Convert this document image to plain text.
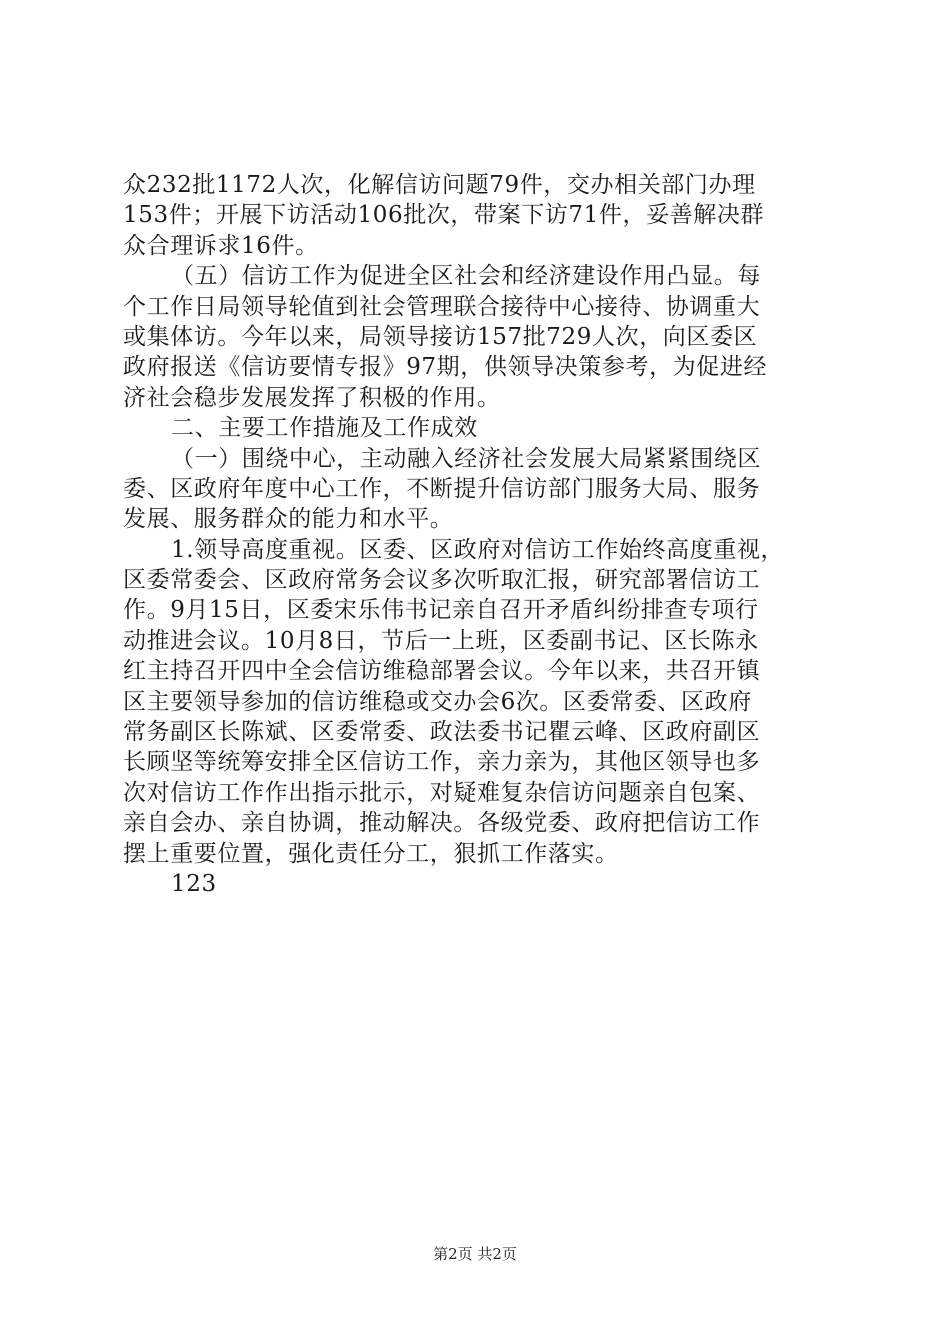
众232批1172人次，化解信访问题79件，交办相关部门办理
153件；开展下访活动106批次，带案下访71件，妥善解决群
众合理诉求16件。
（五）信访工作为促进全区社会和经济建设作用凸显。每
个工作日局领导轮值到社会管理联合接待中心接待、协调重大
或集体访。今年以来，局领导接访157批729人次，向区委区
政府报送《信访要情专报》97期，供领导决策参考，为促进经
济社会稳步发展发挥了积极的作用。
二、主要工作措施及工作成效
（一）围绕中心，主动融入经济社会发展大局紧紧围绕区
委、区政府年度中心工作，不断提升信访部门服务大局、服务
发展、服务群众的能力和水平。
1.领导高度重视。区委、区政府对信访工作始终高度重视，
区委常委会、区政府常务会议多次听取汇报，研究部署信访工
作。9月15日，区委宋乐伟书记亲自召开矛盾纠纷排查专项行
动推进会议。10月8日，节后一上班，区委副书记、区长陈永
红主持召开四中全会信访维稳部署会议。今年以来，共召开镇
区主要领导参加的信访维稳或交办会6次。区委常委、区政府
常务副区长陈斌、区委常委、政法委书记瞿云峰、区政府副区
长顾坚等统筹安排全区信访工作，亲力亲为，其他区领导也多
次对信访工作作出指示批示，对疑难复杂信访问题亲自包案、
亲自会办、亲自协调，推动解决。各级党委、政府把信访工作
摆上重要位置，强化责任分工，狠抓工作落实。
123
第2页 共2页
